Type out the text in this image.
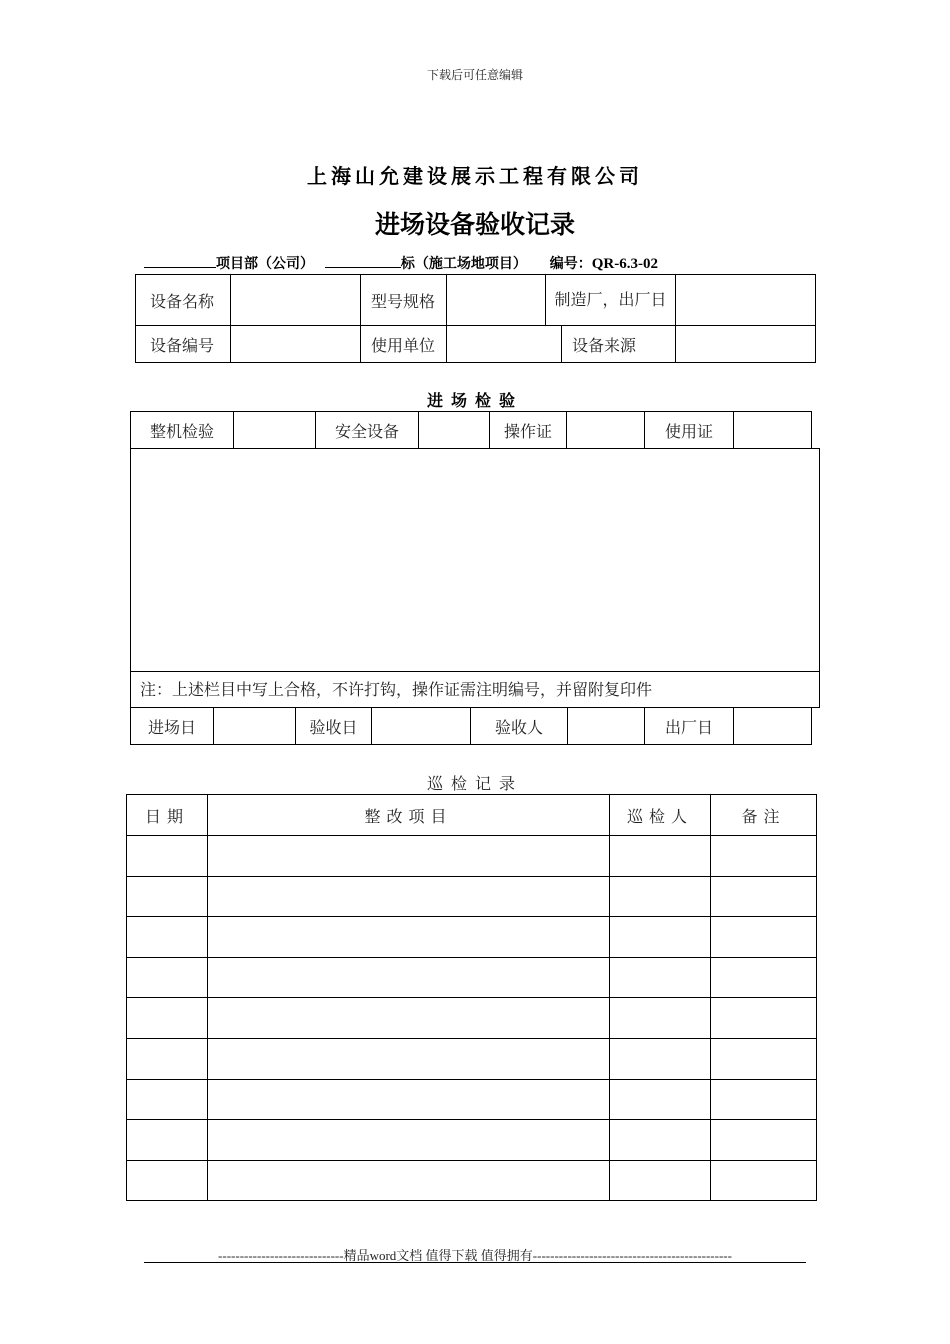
下载后可任意编辑
上海山允建设展示工程有限公司
进场设备验收记录
项目部（公司）	标（施工场地项目） 编号：QR-6.3-02
设备名称		型号规格		制造厂，出厂日		
设备编号		使用单位			设备来源	
进场检验
整机检验		安全设备		操作证		使用证	
注：上述栏目中写上合格，不许打钩，操作证需注明编号，并留附复印件
进场日		验收日		验收人		出厂日	
巡检记录
日期	整改项目	巡检人	备注

-----------------------------精品word文档 值得下载 值得拥有----------------------------------------------
